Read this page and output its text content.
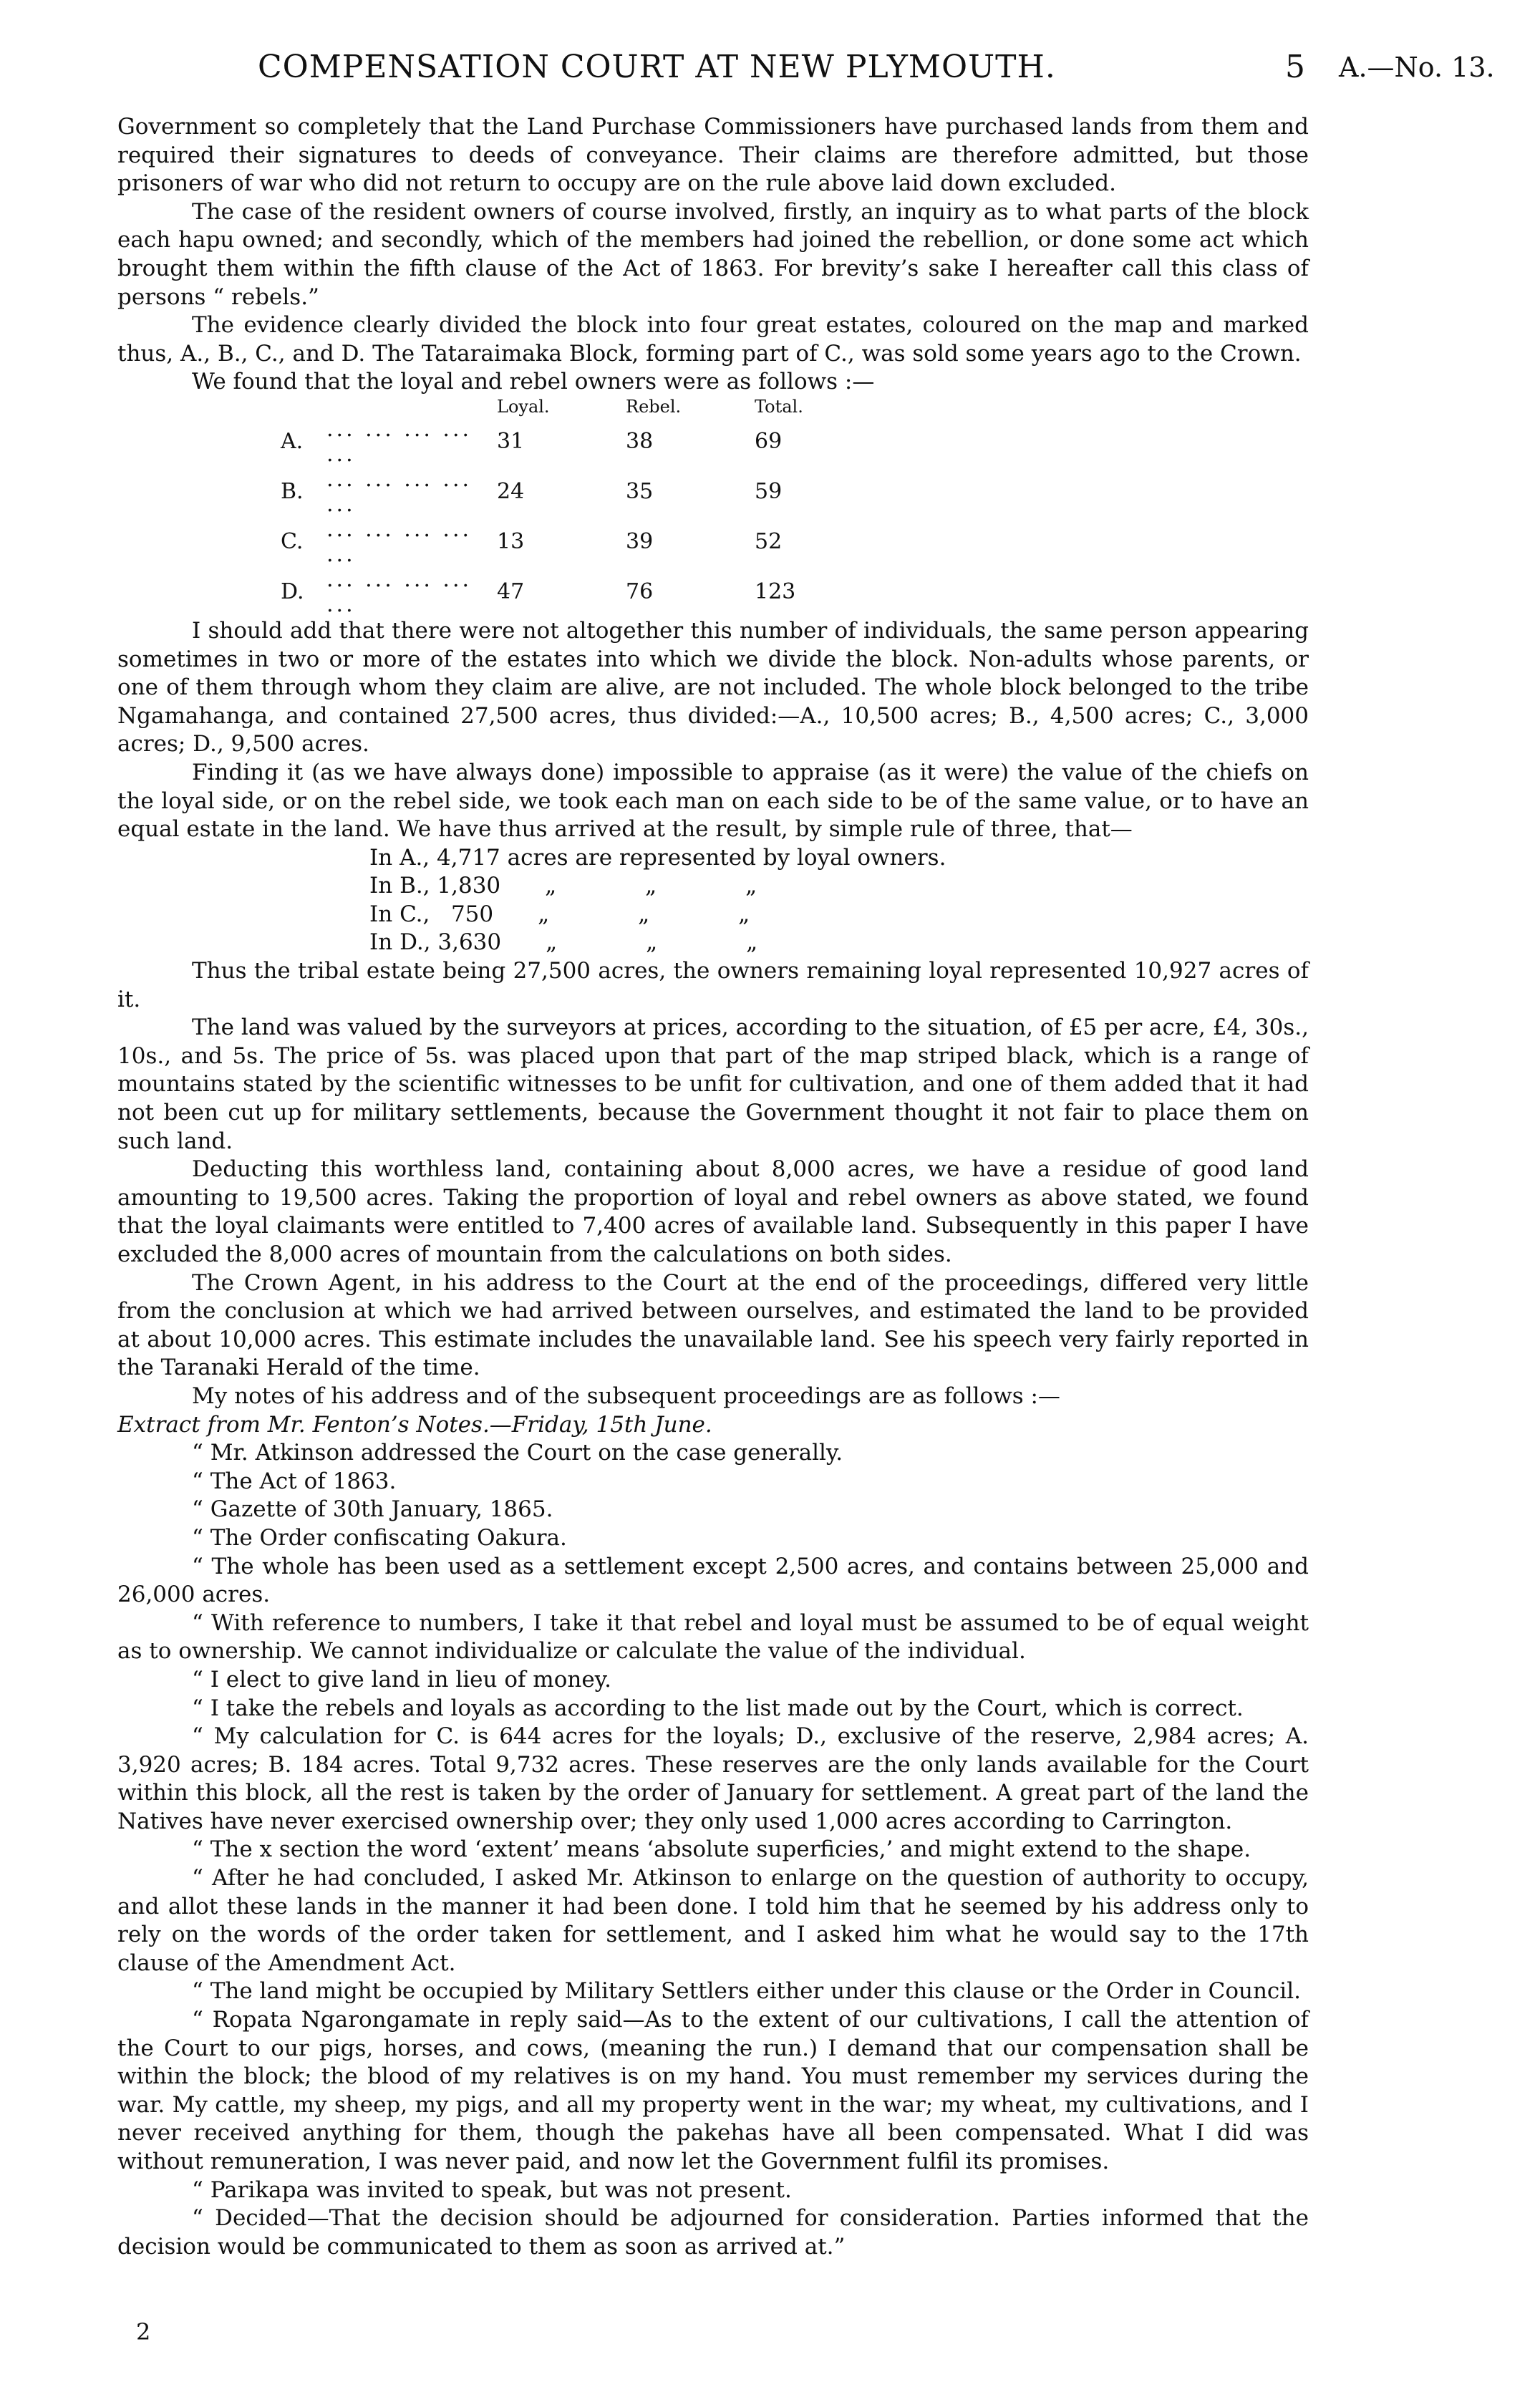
COMPENSATION COURT AT NEW PLYMOUTH.	5 A.—No. 13.

Government so completely that the Land Purchase Commissioners have purchased lands from them and required their signatures to deeds of conveyance. Their claims are therefore admitted, but those prisoners of war who did not return to occupy are on the rule above laid down excluded.

The case of the resident owners of course involved, firstly, an inquiry as to what parts of the block each hapu owned; and secondly, which of the members had joined the rebellion, or done some act which brought them within the fifth clause of the Act of 1863. For brevity’s sake I hereafter call this class of persons “ rebels.”

The evidence clearly divided the block into four great estates, coloured on the map and marked thus, A., B., C., and D. The Tataraimaka Block, forming part of C., was sold some years ago to the Crown.

We found that the loyal and rebel owners were as follows :—

		Loyal.	Rebel.	Total.
A.	... ... ... ... ...	31	38	69
B.	... ... ... ... ...	24	35	59
C.	... ... ... ... ...	13	39	52
D.	... ... ... ... ...	47	76	123

I should add that there were not altogether this number of individuals, the same person appearing sometimes in two or more of the estates into which we divide the block. Non-adults whose parents, or one of them through whom they claim are alive, are not included. The whole block belonged to the tribe Ngamahanga, and contained 27,500 acres, thus divided:—A., 10,500 acres; B., 4,500 acres; C., 3,000 acres; D., 9,500 acres.

Finding it (as we have always done) impossible to appraise (as it were) the value of the chiefs on the loyal side, or on the rebel side, we took each man on each side to be of the same value, or to have an equal estate in the land. We have thus arrived at the result, by simple rule of three, that—

In A., 4,717 acres are represented by loyal owners.
In B., 1,830 „	„	„
In C.,   750 „	„	„
In D., 3,630 „	„	„

Thus the tribal estate being 27,500 acres, the owners remaining loyal represented 10,927 acres of it.

The land was valued by the surveyors at prices, according to the situation, of £5 per acre, £4, 30s., 10s., and 5s. The price of 5s. was placed upon that part of the map striped black, which is a range of mountains stated by the scientific witnesses to be unfit for cultivation, and one of them added that it had not been cut up for military settlements, because the Government thought it not fair to place them on such land.

Deducting this worthless land, containing about 8,000 acres, we have a residue of good land amounting to 19,500 acres. Taking the proportion of loyal and rebel owners as above stated, we found that the loyal claimants were entitled to 7,400 acres of available land. Subsequently in this paper I have excluded the 8,000 acres of mountain from the calculations on both sides.

The Crown Agent, in his address to the Court at the end of the proceedings, differed very little from the conclusion at which we had arrived between ourselves, and estimated the land to be provided at about 10,000 acres. This estimate includes the unavailable land. See his speech very fairly reported in the Taranaki Herald of the time.

My notes of his address and of the subsequent proceedings are as follows :—

Extract from Mr. Fenton’s Notes.—Friday, 15th June.

“ Mr. Atkinson addressed the Court on the case generally.

“ The Act of 1863.

“ Gazette of 30th January, 1865.

“ The Order confiscating Oakura.

“ The whole has been used as a settlement except 2,500 acres, and contains between 25,000 and 26,000 acres.

“ With reference to numbers, I take it that rebel and loyal must be assumed to be of equal weight as to ownership. We cannot individualize or calculate the value of the individual.

“ I elect to give land in lieu of money.

“ I take the rebels and loyals as according to the list made out by the Court, which is correct.

“ My calculation for C. is 644 acres for the loyals; D., exclusive of the reserve, 2,984 acres; A. 3,920 acres; B. 184 acres. Total 9,732 acres. These reserves are the only lands available for the Court within this block, all the rest is taken by the order of January for settlement. A great part of the land the Natives have never exercised ownership over; they only used 1,000 acres according to Carrington.

“ The x section the word ‘extent’ means ‘absolute superficies,’ and might extend to the shape.

“ After he had concluded, I asked Mr. Atkinson to enlarge on the question of authority to occupy, and allot these lands in the manner it had been done. I told him that he seemed by his address only to rely on the words of the order taken for settlement, and I asked him what he would say to the 17th clause of the Amendment Act.

“ The land might be occupied by Military Settlers either under this clause or the Order in Council.

“ Ropata Ngarongamate in reply said—As to the extent of our cultivations, I call the attention of the Court to our pigs, horses, and cows, (meaning the run.) I demand that our compensation shall be within the block; the blood of my relatives is on my hand. You must remember my services during the war. My cattle, my sheep, my pigs, and all my property went in the war; my wheat, my cultivations, and I never received anything for them, though the pakehas have all been compensated. What I did was without remuneration, I was never paid, and now let the Government fulfil its promises.

“ Parikapa was invited to speak, but was not present.

“ Decided—That the decision should be adjourned for consideration. Parties informed that the decision would be communicated to them as soon as arrived at.”

2
